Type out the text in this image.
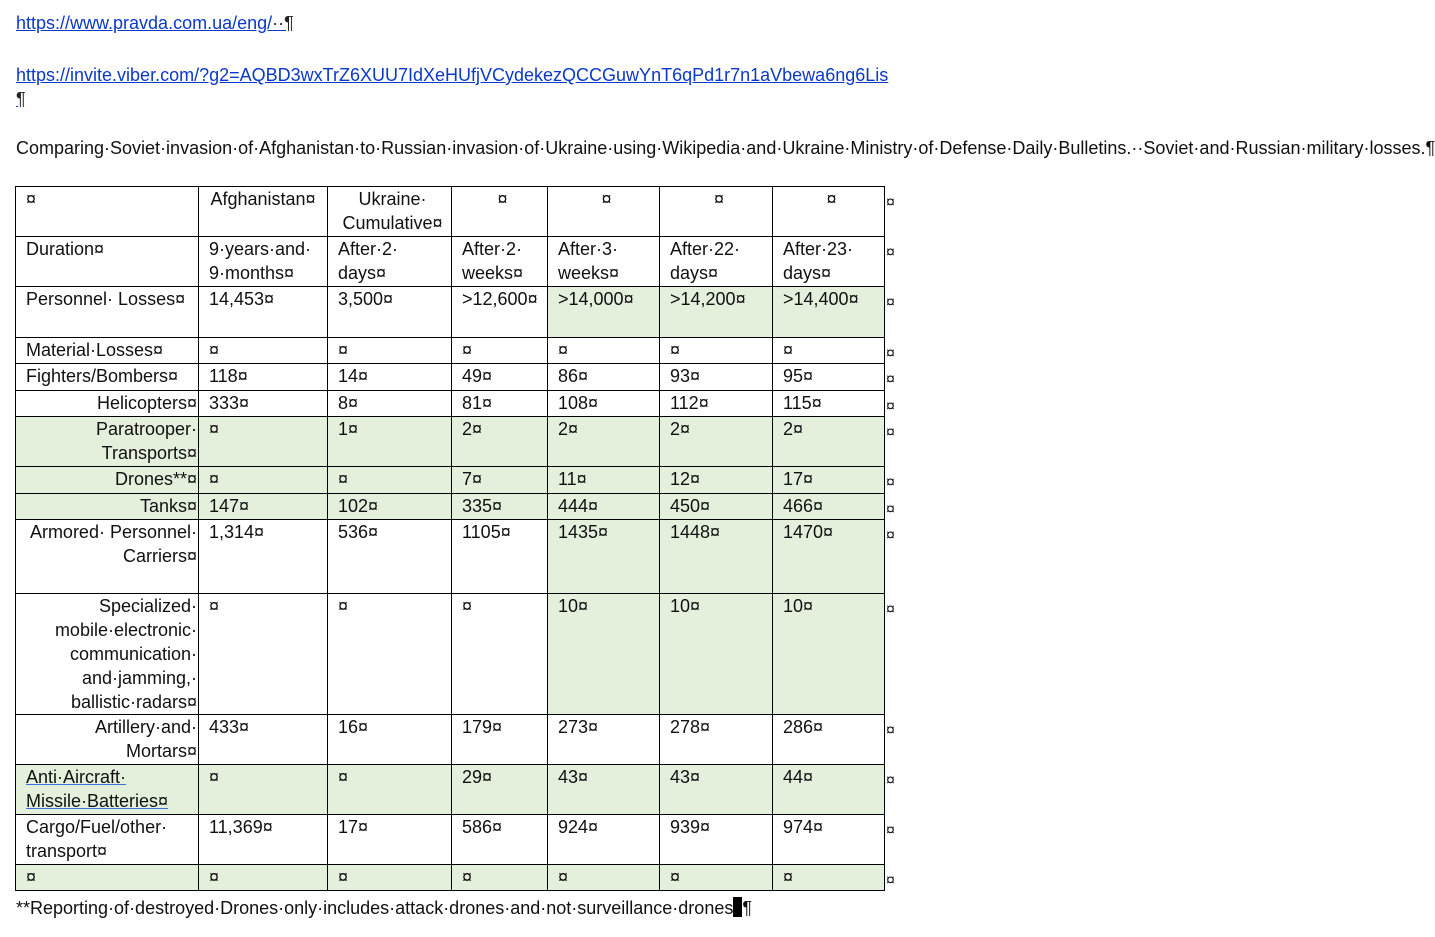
https://www.pravda.com.ua/eng/··¶
https://invite.viber.com/?g2=AQBD3wxTrZ6XUU7IdXeHUfjVCydekezQCCGuwYnT6qPd1r7n1aVbewa6ng6Lis¶
Comparing·Soviet·invasion·of·Afghanistan·to·Russian·invasion·of·Ukraine·using·Wikipedia·and·Ukraine·Ministry·of·Defense·Daily·Bulletins.··Soviet·and·Russian·military·losses.¶
¤	Afghanistan¤	Ukraine· Cumulative¤	¤	¤	¤	¤
Duration¤	9·years·and· 9·months¤	After·2· days¤	After·2· weeks¤	After·3· weeks¤	After·22· days¤	After·23· days¤
Personnel· Losses¤	14,453¤	3,500¤	>12,600¤	>14,000¤	>14,200¤	>14,400¤
Material·Losses¤	¤	¤	¤	¤	¤	¤
Fighters/Bombers¤	118¤	14¤	49¤	86¤	93¤	95¤
Helicopters¤	333¤	8¤	81¤	108¤	112¤	115¤
Paratrooper· Transports¤	¤	1¤	2¤	2¤	2¤	2¤
Drones**¤	¤	¤	7¤	11¤	12¤	17¤
Tanks¤	147¤	102¤	335¤	444¤	450¤	466¤
Armored· Personnel· Carriers¤	1,314¤	536¤	1105¤	1435¤	1448¤	1470¤
Specialized· mobile·electronic· communication· and·jamming,· ballistic·radars¤	¤	¤	¤	10¤	10¤	10¤
Artillery·and· Mortars¤	433¤	16¤	179¤	273¤	278¤	286¤
Anti·Aircraft· Missile·Batteries¤	¤	¤	29¤	43¤	43¤	44¤
Cargo/Fuel/other· transport¤	11,369¤	17¤	586¤	924¤	939¤	974¤
¤	¤	¤	¤	¤	¤	¤
¤
¤
¤
¤
¤
¤
¤
¤
¤
¤
¤
¤
¤
¤
¤
**Reporting·of·destroyed·Drones·only·includes·attack·drones·and·not·surveillance·drones ¶
